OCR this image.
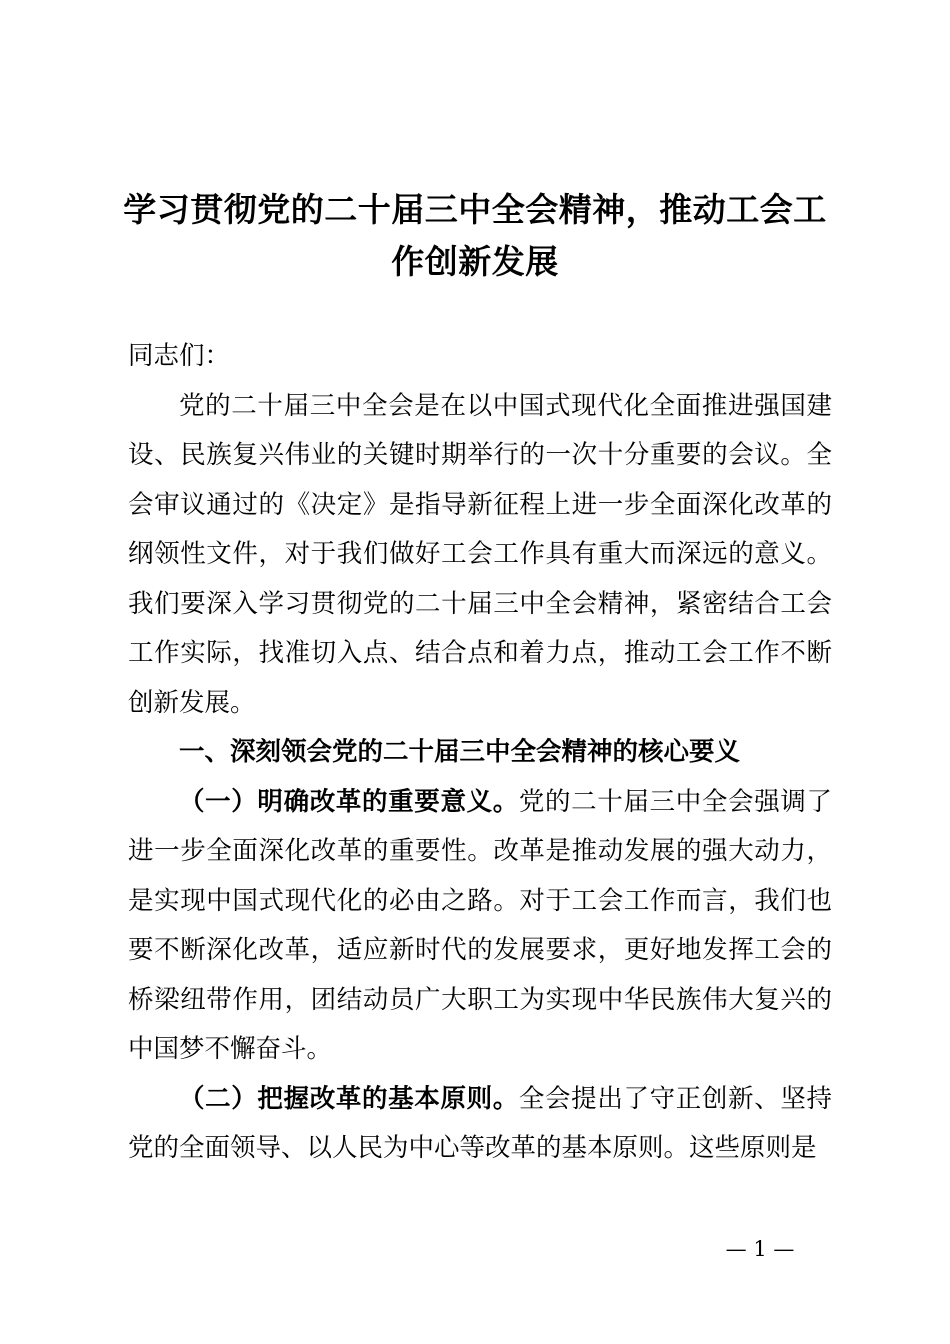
学习贯彻党的二十届三中全会精神，推动工会工作创新发展

同志们：

党的二十届三中全会是在以中国式现代化全面推进强国建设、民族复兴伟业的关键时期举行的一次十分重要的会议。全会审议通过的《决定》是指导新征程上进一步全面深化改革的纲领性文件，对于我们做好工会工作具有重大而深远的意义。我们要深入学习贯彻党的二十届三中全会精神，紧密结合工会工作实际，找准切入点、结合点和着力点，推动工会工作不断创新发展。

一、深刻领会党的二十届三中全会精神的核心要义

（一）明确改革的重要意义。党的二十届三中全会强调了进一步全面深化改革的重要性。改革是推动发展的强大动力，是实现中国式现代化的必由之路。对于工会工作而言，我们也要不断深化改革，适应新时代的发展要求，更好地发挥工会的桥梁纽带作用，团结动员广大职工为实现中华民族伟大复兴的中国梦不懈奋斗。

（二）把握改革的基本原则。全会提出了守正创新、坚持党的全面领导、以人民为中心等改革的基本原则。这些原则是

— 1 —
